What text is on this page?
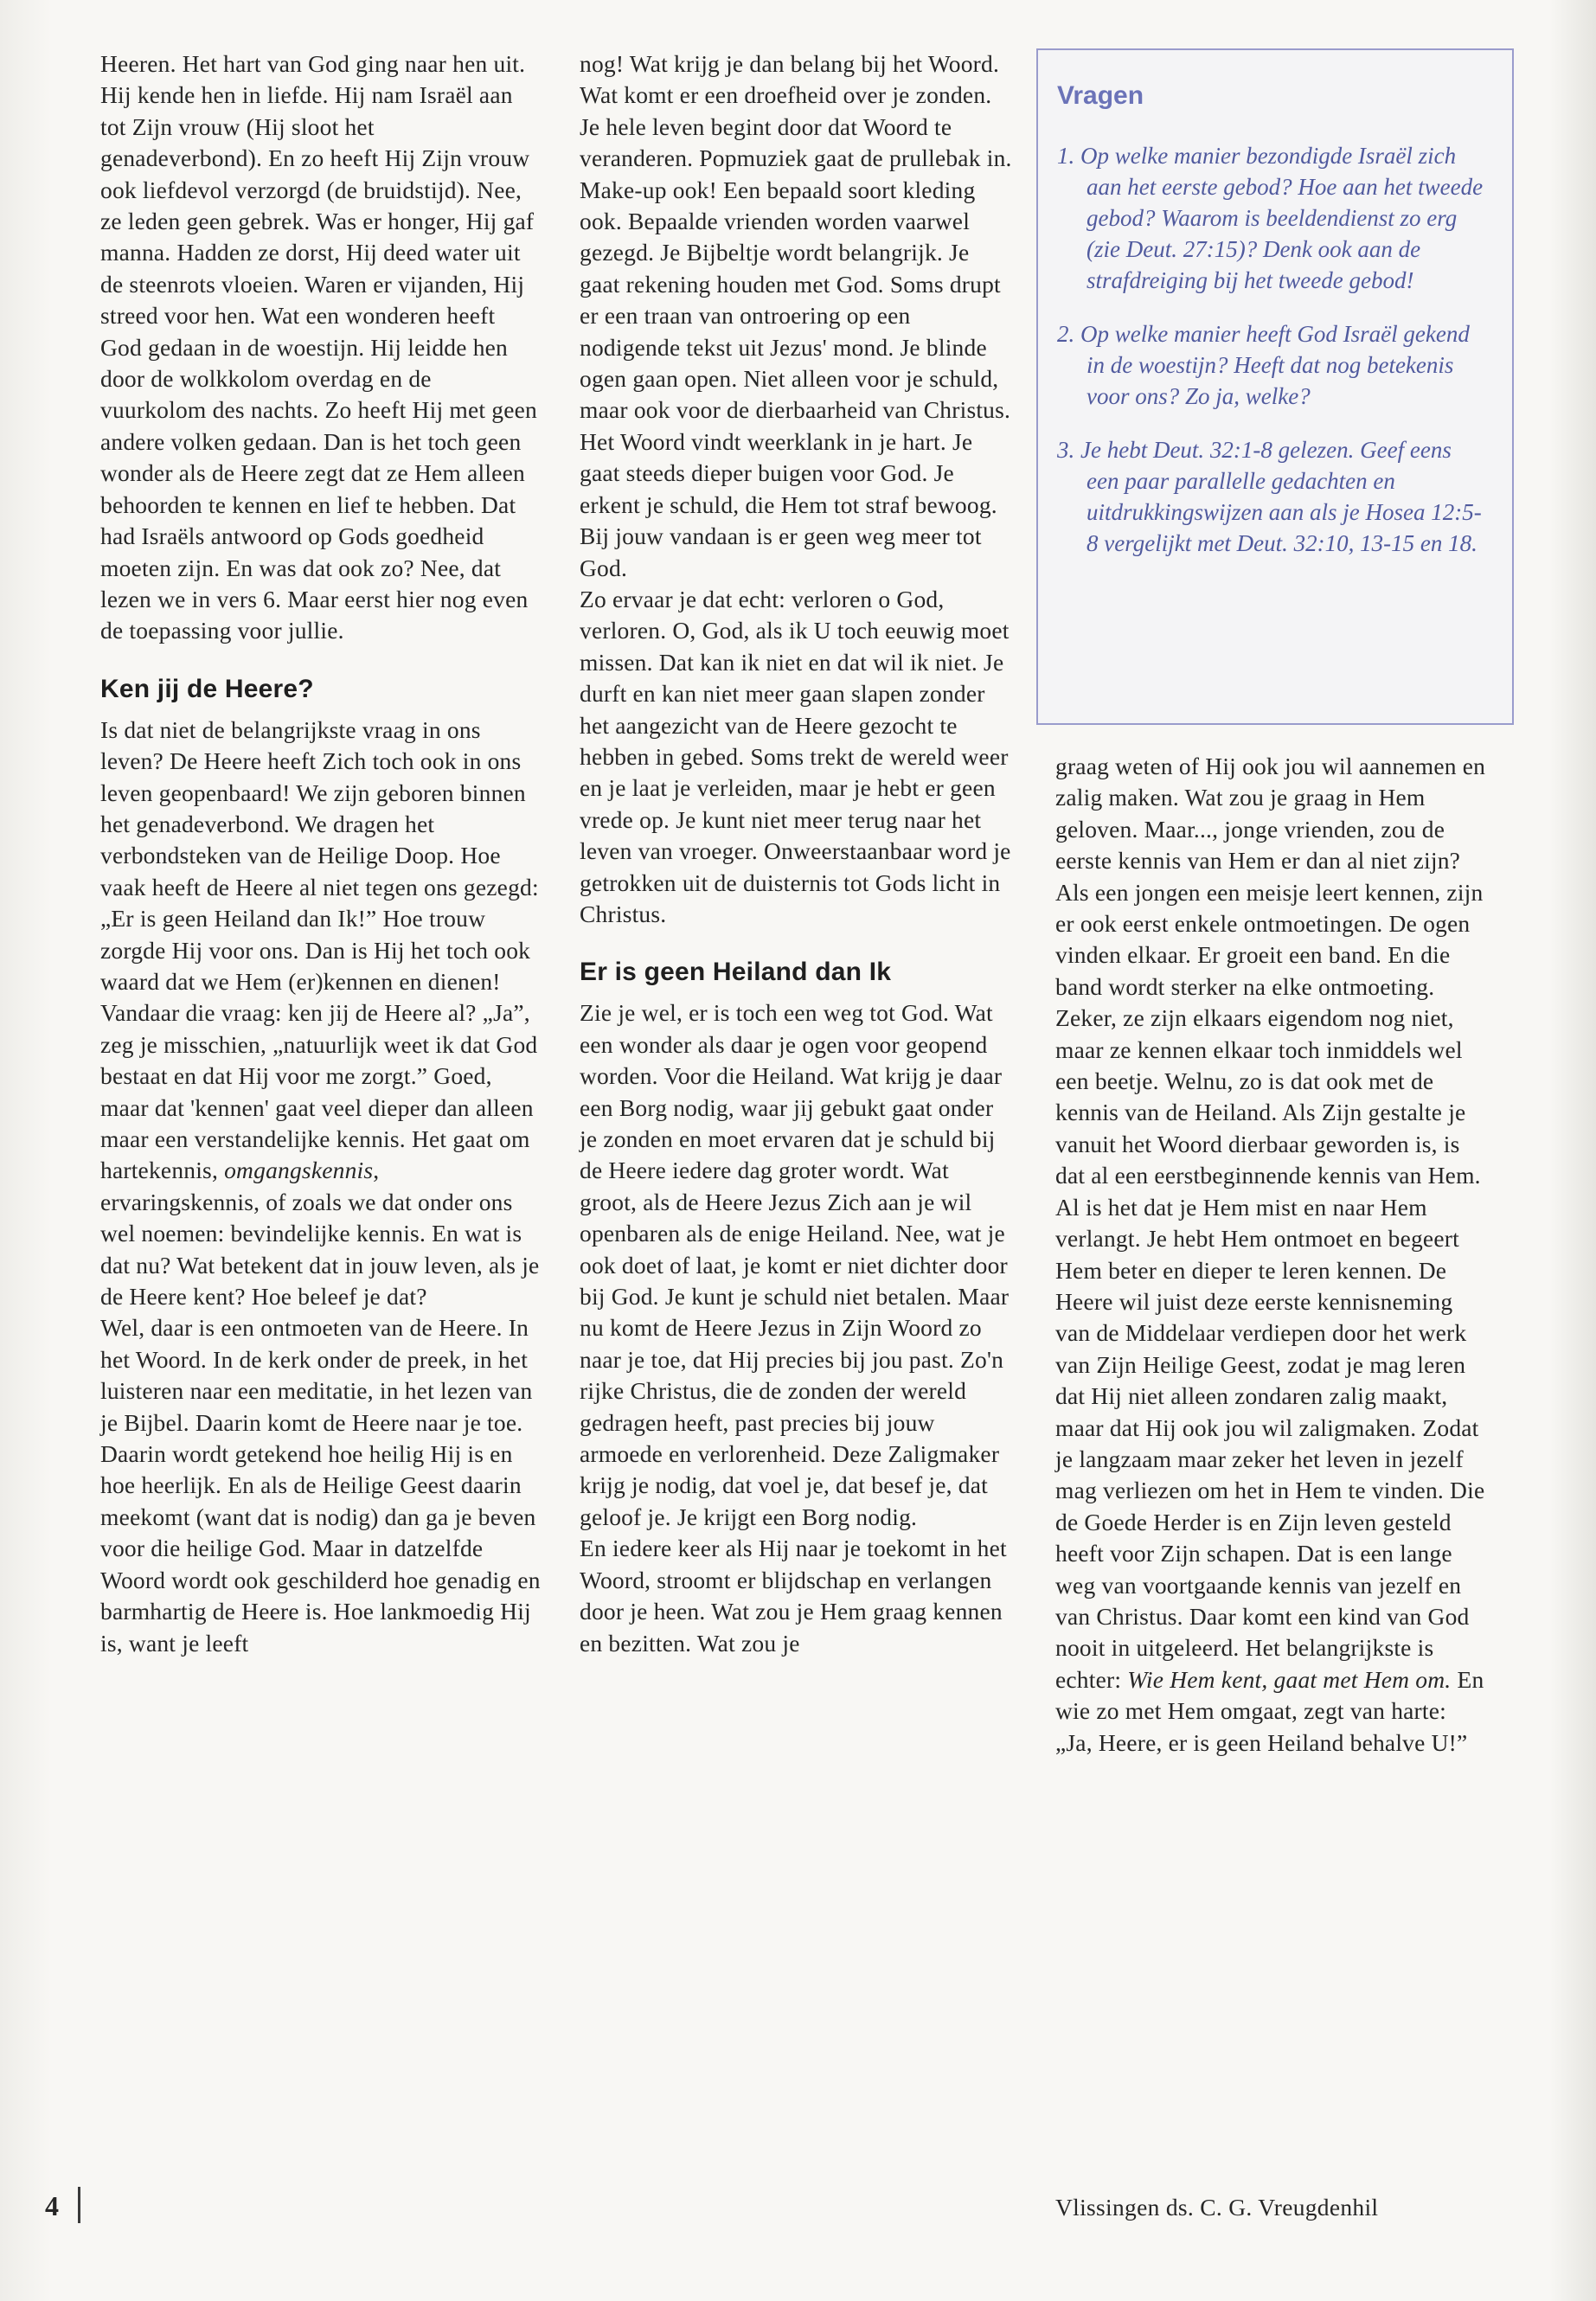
Heeren. Het hart van God ging naar hen uit. Hij kende hen in liefde. Hij nam Israël aan tot Zijn vrouw (Hij sloot het genadeverbond). En zo heeft Hij Zijn vrouw ook liefdevol verzorgd (de bruidstijd). Nee, ze leden geen gebrek. Was er honger, Hij gaf manna. Hadden ze dorst, Hij deed water uit de steenrots vloeien. Waren er vijanden, Hij streed voor hen. Wat een wonderen heeft God gedaan in de woestijn. Hij leidde hen door de wolkkolom overdag en de vuurkolom des nachts. Zo heeft Hij met geen andere volken gedaan. Dan is het toch geen wonder als de Heere zegt dat ze Hem alleen behoorden te kennen en lief te hebben. Dat had Israëls antwoord op Gods goedheid moeten zijn. En was dat ook zo? Nee, dat lezen we in vers 6. Maar eerst hier nog even de toepassing voor jullie.

Ken jij de Heere?

Is dat niet de belangrijkste vraag in ons leven? De Heere heeft Zich toch ook in ons leven geopenbaard! We zijn geboren binnen het genadeverbond. We dragen het verbondsteken van de Heilige Doop. Hoe vaak heeft de Heere al niet tegen ons gezegd: „Er is geen Heiland dan Ik!” Hoe trouw zorgde Hij voor ons. Dan is Hij het toch ook waard dat we Hem (er)kennen en dienen! Vandaar die vraag: ken jij de Heere al? „Ja”, zeg je misschien, „natuurlijk weet ik dat God bestaat en dat Hij voor me zorgt.” Goed, maar dat 'kennen' gaat veel dieper dan alleen maar een verstandelijke kennis. Het gaat om hartekennis, omgangskennis, ervaringskennis, of zoals we dat onder ons wel noemen: bevindelijke kennis. En wat is dat nu? Wat betekent dat in jouw leven, als je de Heere kent? Hoe beleef je dat?

Wel, daar is een ontmoeten van de Heere. In het Woord. In de kerk onder de preek, in het luisteren naar een meditatie, in het lezen van je Bijbel. Daarin komt de Heere naar je toe. Daarin wordt getekend hoe heilig Hij is en hoe heerlijk. En als de Heilige Geest daarin meekomt (want dat is nodig) dan ga je beven voor die heilige God. Maar in datzelfde Woord wordt ook geschilderd hoe genadig en barmhartig de Heere is. Hoe lankmoedig Hij is, want je leeft

nog! Wat krijg je dan belang bij het Woord. Wat komt er een droefheid over je zonden. Je hele leven begint door dat Woord te veranderen. Popmuziek gaat de prullebak in. Make-up ook! Een bepaald soort kleding ook. Bepaalde vrienden worden vaarwel gezegd. Je Bijbeltje wordt belangrijk. Je gaat rekening houden met God. Soms drupt er een traan van ontroering op een nodigende tekst uit Jezus' mond. Je blinde ogen gaan open. Niet alleen voor je schuld, maar ook voor de dierbaarheid van Christus. Het Woord vindt weerklank in je hart. Je gaat steeds dieper buigen voor God. Je erkent je schuld, die Hem tot straf bewoog. Bij jouw vandaan is er geen weg meer tot God.

Zo ervaar je dat echt: verloren o God, verloren. O, God, als ik U toch eeuwig moet missen. Dat kan ik niet en dat wil ik niet. Je durft en kan niet meer gaan slapen zonder het aangezicht van de Heere gezocht te hebben in gebed. Soms trekt de wereld weer en je laat je verleiden, maar je hebt er geen vrede op. Je kunt niet meer terug naar het leven van vroeger. Onweerstaanbaar word je getrokken uit de duisternis tot Gods licht in Christus.

Er is geen Heiland dan Ik

Zie je wel, er is toch een weg tot God. Wat een wonder als daar je ogen voor geopend worden. Voor die Heiland. Wat krijg je daar een Borg nodig, waar jij gebukt gaat onder je zonden en moet ervaren dat je schuld bij de Heere iedere dag groter wordt. Wat groot, als de Heere Jezus Zich aan je wil openbaren als de enige Heiland. Nee, wat je ook doet of laat, je komt er niet dichter door bij God. Je kunt je schuld niet betalen. Maar nu komt de Heere Jezus in Zijn Woord zo naar je toe, dat Hij precies bij jou past. Zo'n rijke Christus, die de zonden der wereld gedragen heeft, past precies bij jouw armoede en verlorenheid. Deze Zaligmaker krijg je nodig, dat voel je, dat besef je, dat geloof je. Je krijgt een Borg nodig.

En iedere keer als Hij naar je toekomt in het Woord, stroomt er blijdschap en verlangen door je heen. Wat zou je Hem graag kennen en bezitten. Wat zou je

Vragen
1. Op welke manier bezondigde Israël zich aan het eerste gebod? Hoe aan het tweede gebod? Waarom is beeldendienst zo erg (zie Deut. 27:15)? Denk ook aan de strafdreiging bij het tweede gebod!
2. Op welke manier heeft God Israël gekend in de woestijn? Heeft dat nog betekenis voor ons? Zo ja, welke?
3. Je hebt Deut. 32:1-8 gelezen. Geef eens een paar parallelle gedachten en uitdrukkingswijzen aan als je Hosea 12:5-8 vergelijkt met Deut. 32:10, 13-15 en 18.

graag weten of Hij ook jou wil aannemen en zalig maken. Wat zou je graag in Hem geloven. Maar..., jonge vrienden, zou de eerste kennis van Hem er dan al niet zijn? Als een jongen een meisje leert kennen, zijn er ook eerst enkele ontmoetingen. De ogen vinden elkaar. Er groeit een band. En die band wordt sterker na elke ontmoeting. Zeker, ze zijn elkaars eigendom nog niet, maar ze kennen elkaar toch inmiddels wel een beetje. Welnu, zo is dat ook met de kennis van de Heiland. Als Zijn gestalte je vanuit het Woord dierbaar geworden is, is dat al een eerstbeginnende kennis van Hem. Al is het dat je Hem mist en naar Hem verlangt. Je hebt Hem ontmoet en begeert Hem beter en dieper te leren kennen. De Heere wil juist deze eerste kennisneming van de Middelaar verdiepen door het werk van Zijn Heilige Geest, zodat je mag leren dat Hij niet alleen zondaren zalig maakt, maar dat Hij ook jou wil zaligmaken. Zodat je langzaam maar zeker het leven in jezelf mag verliezen om het in Hem te vinden. Die de Goede Herder is en Zijn leven gesteld heeft voor Zijn schapen. Dat is een lange weg van voortgaande kennis van jezelf en van Christus. Daar komt een kind van God nooit in uitgeleerd. Het belangrijkste is echter: Wie Hem kent, gaat met Hem om. En wie zo met Hem omgaat, zegt van harte: „Ja, Heere, er is geen Heiland behalve U!”

Vlissingen ds. C. G. Vreugdenhil
4
